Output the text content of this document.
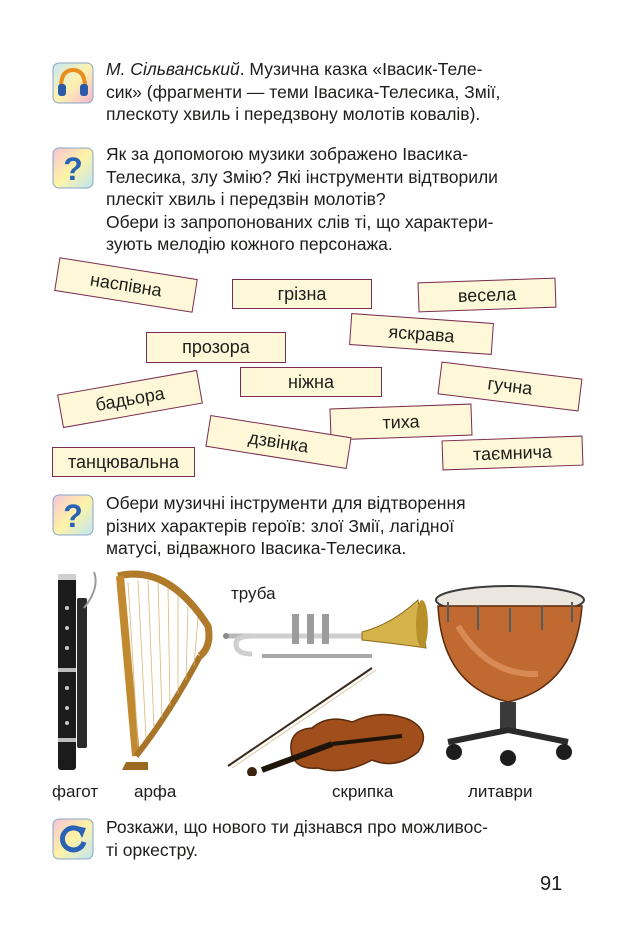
М. Сільванський. Музична казка «Івасик-Теле-

сик» (фрагменти — теми Івасика-Телесика, Змії,

плескоту хвиль і передзвону молотів ковалів).

? Як за допомогою музики зображено Івасика-

Телесика, злу Змію? Які інструменти відтворили

плескіт хвиль і передзвін молотів?

Обери із запропонованих слів ті, що характери-

зують мелодію кожного персонажа.

наспівна	грізна	весела
яскрава
прозора
ніжна	гучна
бадьора
тиха
дзвінка
танцювальна	таємнича
? Обери музичні інструменти для відтворення

різних характерів героїв: злої Змії, лагідної

матусі, відважного Івасика-Телесика.

труба
фагот арфа	скрипка	литаври

Розкажи, що нового ти дізнався про можливос-

ті оркестру.

91
